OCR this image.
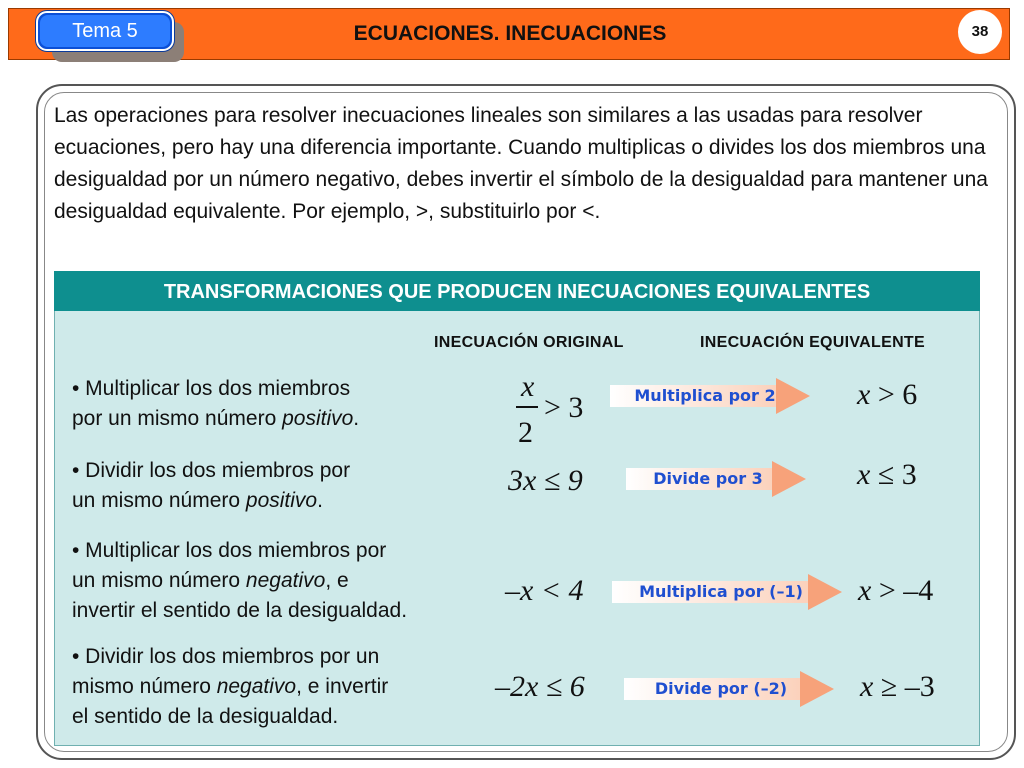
Tema 5	ECUACIONES. INECUACIONES	38
Las operaciones para resolver inecuaciones lineales son similares a las usadas para resolver ecuaciones, pero hay una diferencia importante. Cuando multiplicas o divides los dos miembros una desigualdad por un número negativo, debes invertir el símbolo de la desigualdad para mantener una desigualdad equivalente. Por ejemplo, >, substituirlo por <.
TRANSFORMACIONES QUE PRODUCEN INECUACIONES EQUIVALENTES
INECUACIÓN ORIGINAL	INECUACIÓN EQUIVALENTE
• Multiplicar los dos miembros
por un mismo número positivo.
x
2
> 3	Multiplica por 2	x > 6
• Dividir los dos miembros por
un mismo número positivo.
3x ≤ 9	Divide por 3	x ≤ 3
• Multiplicar los dos miembros por
un mismo número negativo, e
invertir el sentido de la desigualdad.
–x < 4	Multiplica por (–1)	x > –4
• Dividir los dos miembros por un
mismo número negativo, e invertir
el sentido de la desigualdad.
–2x ≤ 6	Divide por (–2)	x ≥ –3
